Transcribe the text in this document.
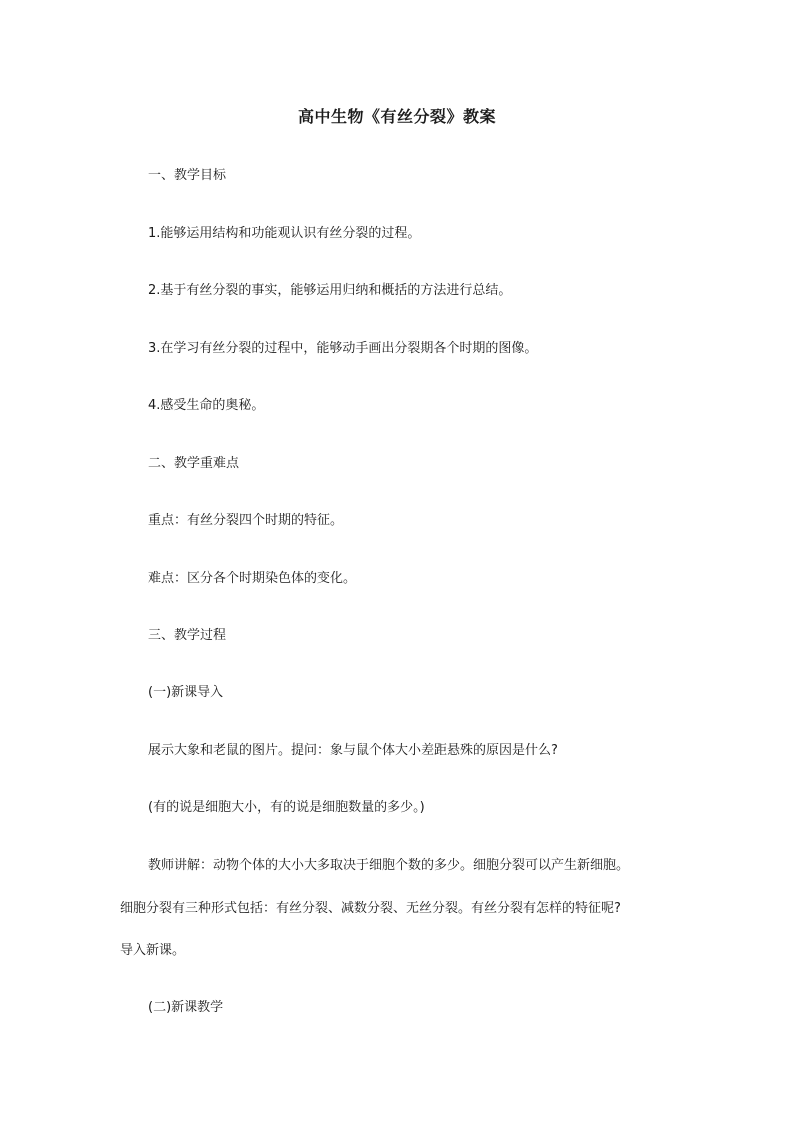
高中生物《有丝分裂》教案
一、教学目标
1.能够运用结构和功能观认识有丝分裂的过程。
2.基于有丝分裂的事实，能够运用归纳和概括的方法进行总结。
3.在学习有丝分裂的过程中，能够动手画出分裂期各个时期的图像。
4.感受生命的奥秘。
二、教学重难点
重点：有丝分裂四个时期的特征。
难点：区分各个时期染色体的变化。
三、教学过程
(一)新课导入
展示大象和老鼠的图片。提问：象与鼠个体大小差距悬殊的原因是什么?
(有的说是细胞大小，有的说是细胞数量的多少。)
教师讲解：动物个体的大小大多取决于细胞个数的多少。细胞分裂可以产生新细胞。
细胞分裂有三种形式包括：有丝分裂、减数分裂、无丝分裂。有丝分裂有怎样的特征呢?
导入新课。
(二)新课教学
